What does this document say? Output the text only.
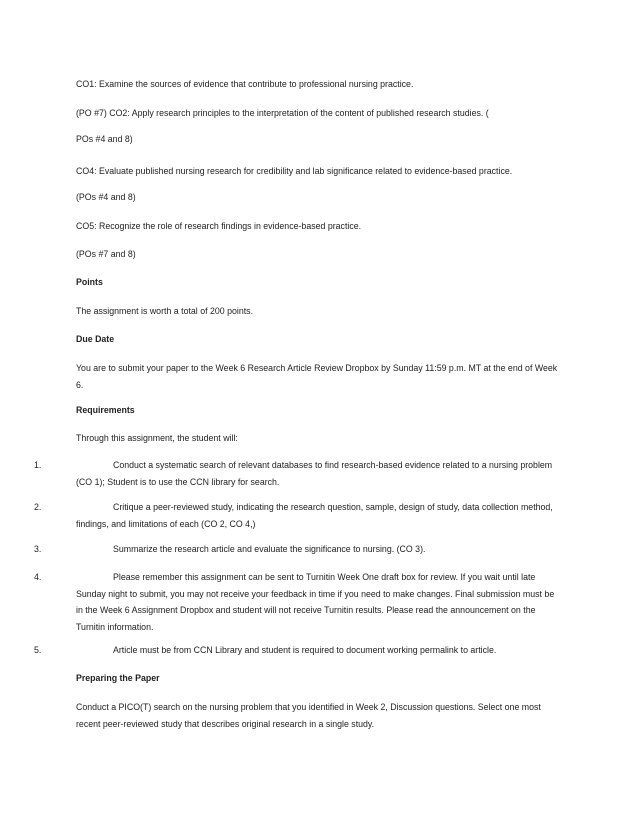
CO1: Examine the sources of evidence that contribute to professional nursing practice.
(PO #7) CO2: Apply research principles to the interpretation of the content of published research studies. (
POs #4 and 8)
CO4: Evaluate published nursing research for credibility and lab significance related to evidence-based practice.
(POs #4 and 8)
CO5: Recognize the role of research findings in evidence-based practice.
(POs #7 and 8)
Points
The assignment is worth a total of 200 points.
Due Date
You are to submit your paper to the Week 6 Research Article Review Dropbox by Sunday 11:59 p.m. MT at the end of Week 6.
Requirements
Through this assignment, the student will:
1.	Conduct a systematic search of relevant databases to find research-based evidence related to a nursing problem (CO 1); Student is to use the CCN library for search.
2.	Critique a peer-reviewed study, indicating the research question, sample, design of study, data collection method, findings, and limitations of each (CO 2, CO 4,)
3.	Summarize the research article and evaluate the significance to nursing. (CO 3).
4.	Please remember this assignment can be sent to Turnitin Week One draft box for review. If you wait until late Sunday night to submit, you may not receive your feedback in time if you need to make changes. Final submission must be in the Week 6 Assignment Dropbox and student will not receive Turnitin results. Please read the announcement on the Turnitin information.
5.	Article must be from CCN Library and student is required to document working permalink to article.
Preparing the Paper
Conduct a PICO(T) search on the nursing problem that you identified in Week 2, Discussion questions. Select one most recent peer-reviewed study that describes original research in a single study.
